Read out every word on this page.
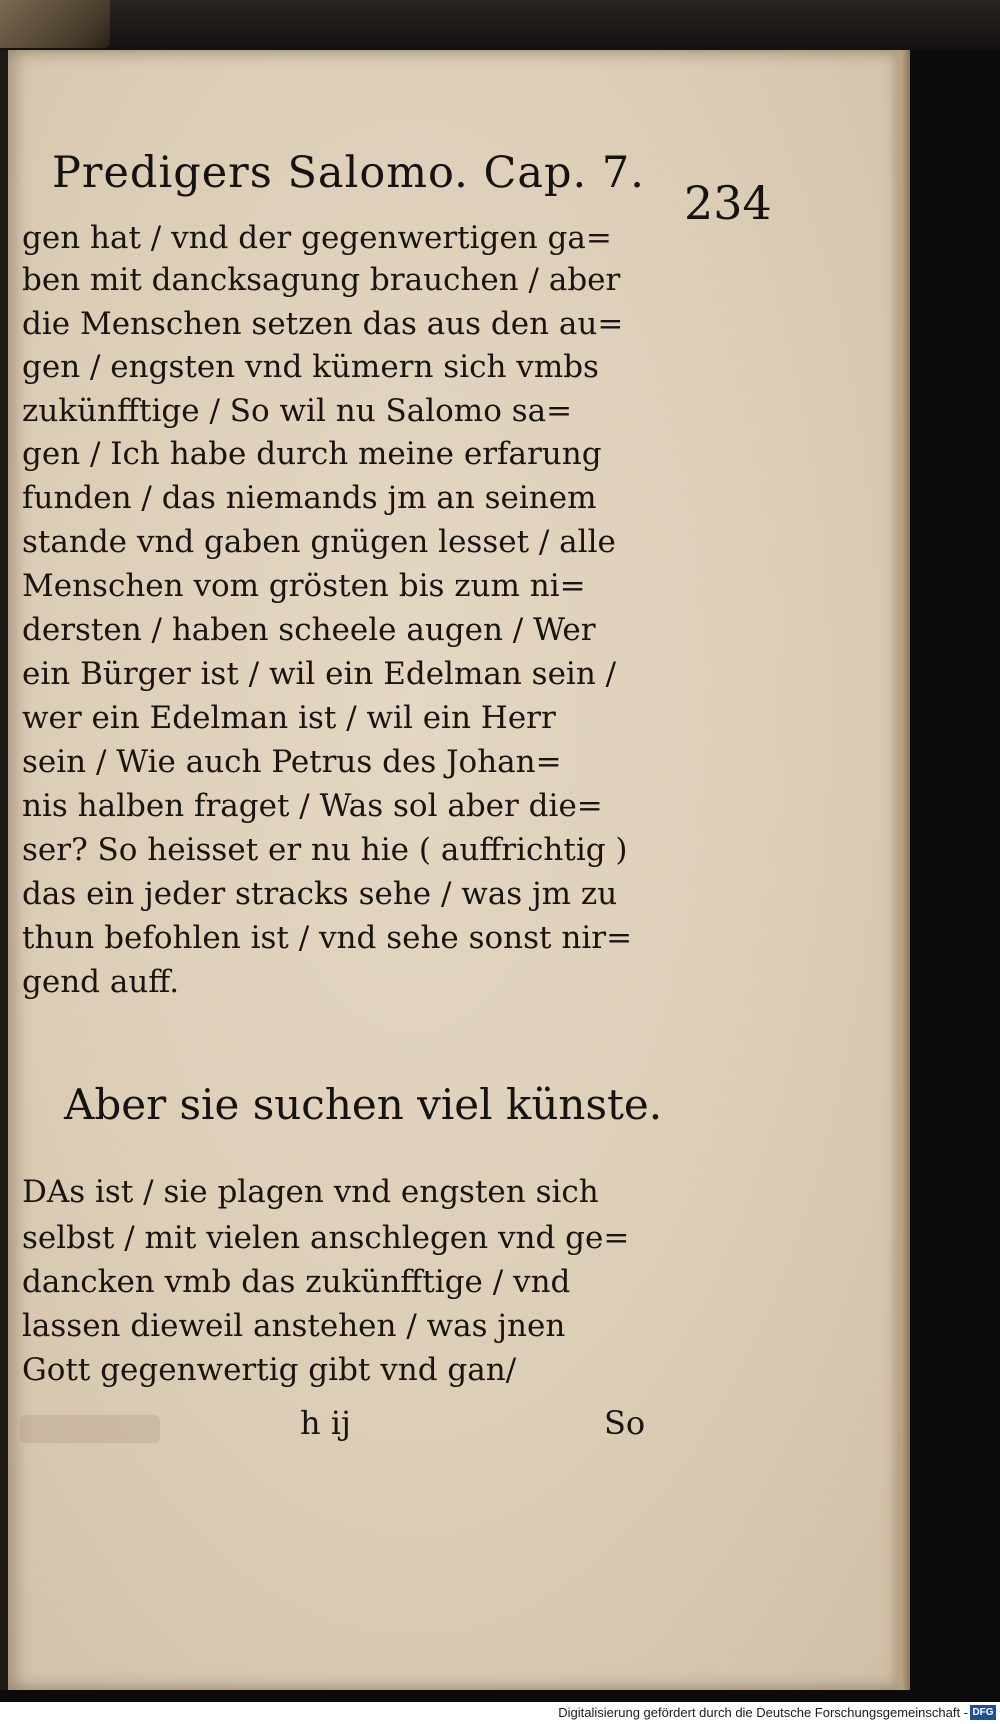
Predigers Salomo. Cap. 7.
234
gen hat / vnd der gegenwertigen ga=
ben mit dancksagung brauchen / aber
die Menschen setzen das aus den au=
gen / engsten vnd kümern sich vmbs
zukünfftige / So wil nu Salomo sa=
gen / Ich habe durch meine erfarung
funden / das niemands jm an seinem
stande vnd gaben gnügen lesset / alle
Menschen vom grösten bis zum ni=
dersten / haben scheele augen / Wer
ein Bürger ist / wil ein Edelman sein /
wer ein Edelman ist / wil ein Herr
sein / Wie auch Petrus des Johan=
nis halben fraget / Was sol aber die=
ser? So heisset er nu hie ( auffrichtig )
das ein jeder stracks sehe / was jm zu
thun befohlen ist / vnd sehe sonst nir=
gend auff.
Aber sie suchen viel künste.
DAs ist / sie plagen vnd engsten sich
selbst / mit vielen anschlegen vnd ge=
dancken vmb das zukünfftige / vnd
lassen dieweil anstehen / was jnen
Gott gegenwertig gibt vnd gan/
h ij	So
Digitalisierung gefördert durch die Deutsche Forschungsgemeinschaft - DFG
